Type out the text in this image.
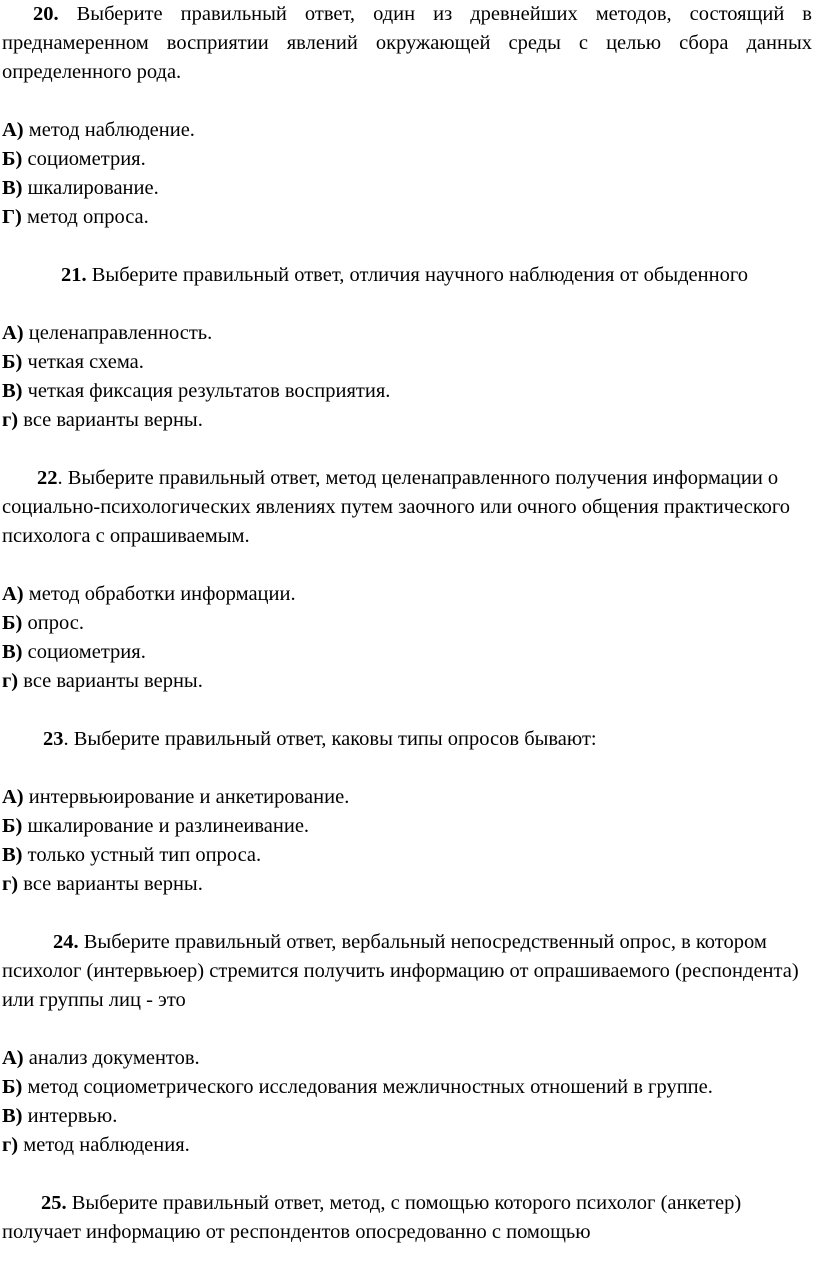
20. Выберите правильный ответ, один из древнейших методов, состоящий в преднамеренном восприятии явлений окружающей среды с целью сбора данных определенного рода.

А) метод наблюдение.

Б) социометрия.

В) шкалирование.

Г) метод опроса.

21. Выберите правильный ответ, отличия научного наблюдения от обыденного

А) целенаправленность.

Б) четкая схема.

В) четкая фиксация результатов восприятия.

г) все варианты верны.

22. Выберите правильный ответ, метод целенаправленного получения информации о социально-психологических явлениях путем заочного или очного общения практического психолога с опрашиваемым.

А) метод обработки информации.

Б) опрос.

В) социометрия.

г) все варианты верны.

23. Выберите правильный ответ, каковы типы опросов бывают:

А) интервьюирование и анкетирование.

Б) шкалирование и разлинеивание.

В) только устный тип опроса.

г) все варианты верны.

24. Выберите правильный ответ, вербальный непосредственный опрос, в котором психолог (интервьюер) стремится получить информацию от опрашиваемого (респондента) или группы лиц - это

А) анализ документов.

Б) метод социометрического исследования межличностных отношений в группе.

В) интервью.

г) метод наблюдения.

25. Выберите правильный ответ, метод, с помощью которого психолог (анкетер) получает информацию от респондентов опосредованно с помощью
